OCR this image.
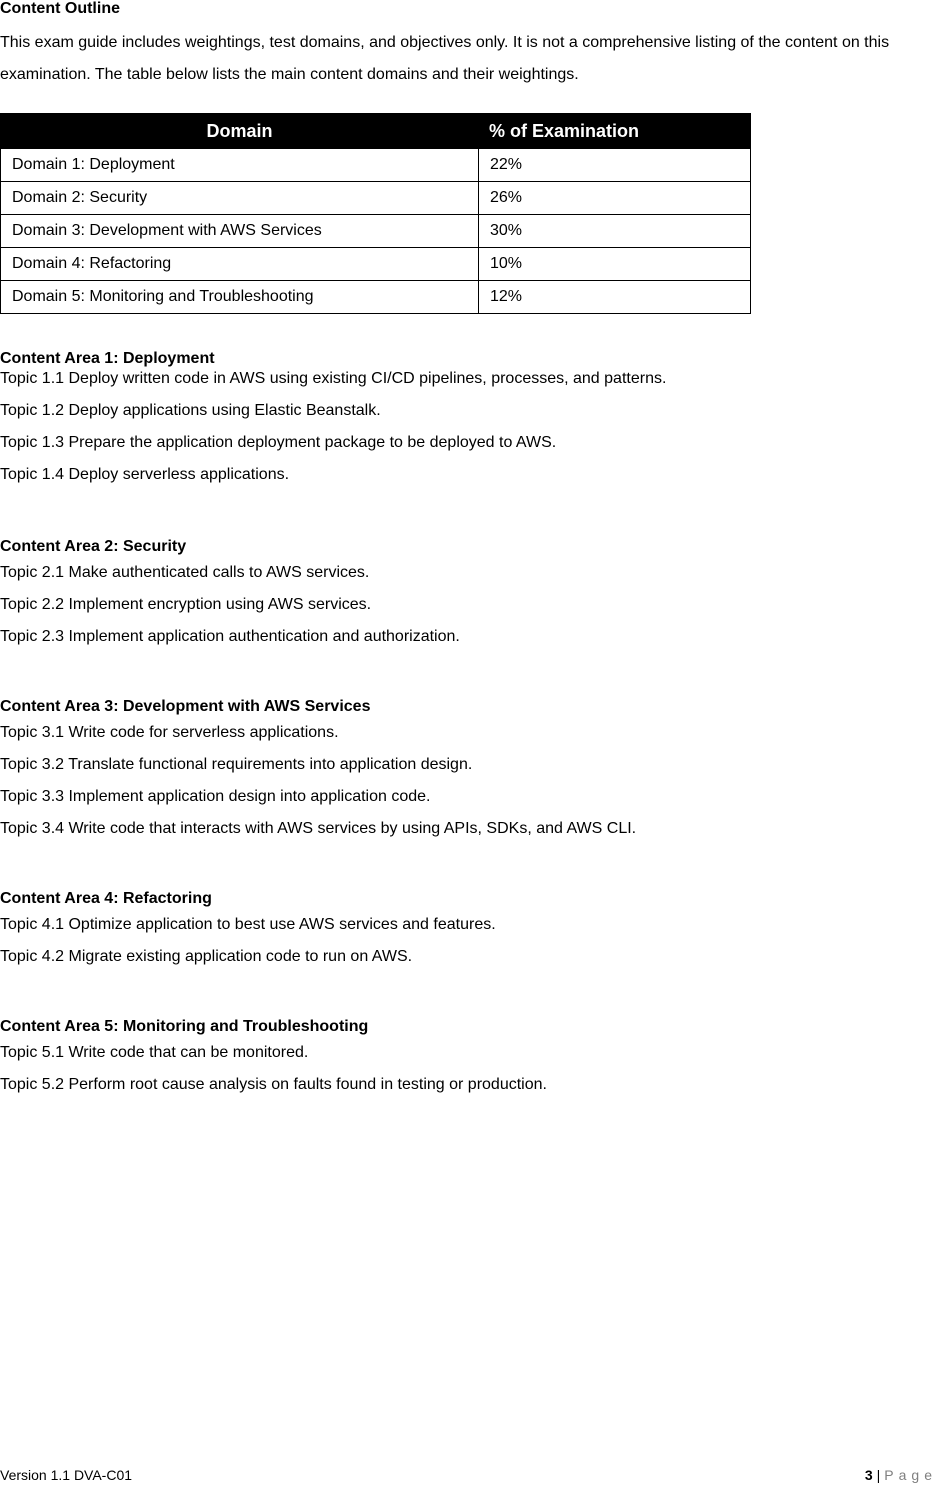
Content Outline

This exam guide includes weightings, test domains, and objectives only. It is not a comprehensive listing of the content on this examination. The table below lists the main content domains and their weightings.

Domain	% of Examination
Domain 1: Deployment	22%
Domain 2: Security	26%
Domain 3: Development with AWS Services	30%
Domain 4: Refactoring	10%
Domain 5: Monitoring and Troubleshooting	12%
Content Area 1: Deployment

Topic 1.1 Deploy written code in AWS using existing CI/CD pipelines, processes, and patterns.

Topic 1.2 Deploy applications using Elastic Beanstalk.

Topic 1.3 Prepare the application deployment package to be deployed to AWS.

Topic 1.4 Deploy serverless applications.

Content Area 2: Security

Topic 2.1 Make authenticated calls to AWS services.

Topic 2.2 Implement encryption using AWS services.

Topic 2.3 Implement application authentication and authorization.

Content Area 3: Development with AWS Services

Topic 3.1 Write code for serverless applications.

Topic 3.2 Translate functional requirements into application design.

Topic 3.3 Implement application design into application code.

Topic 3.4 Write code that interacts with AWS services by using APIs, SDKs, and AWS CLI.

Content Area 4: Refactoring

Topic 4.1 Optimize application to best use AWS services and features.

Topic 4.2 Migrate existing application code to run on AWS.

Content Area 5: Monitoring and Troubleshooting

Topic 5.1 Write code that can be monitored.

Topic 5.2 Perform root cause analysis on faults found in testing or production.

Version 1.1 DVA-C01	3 | Page
